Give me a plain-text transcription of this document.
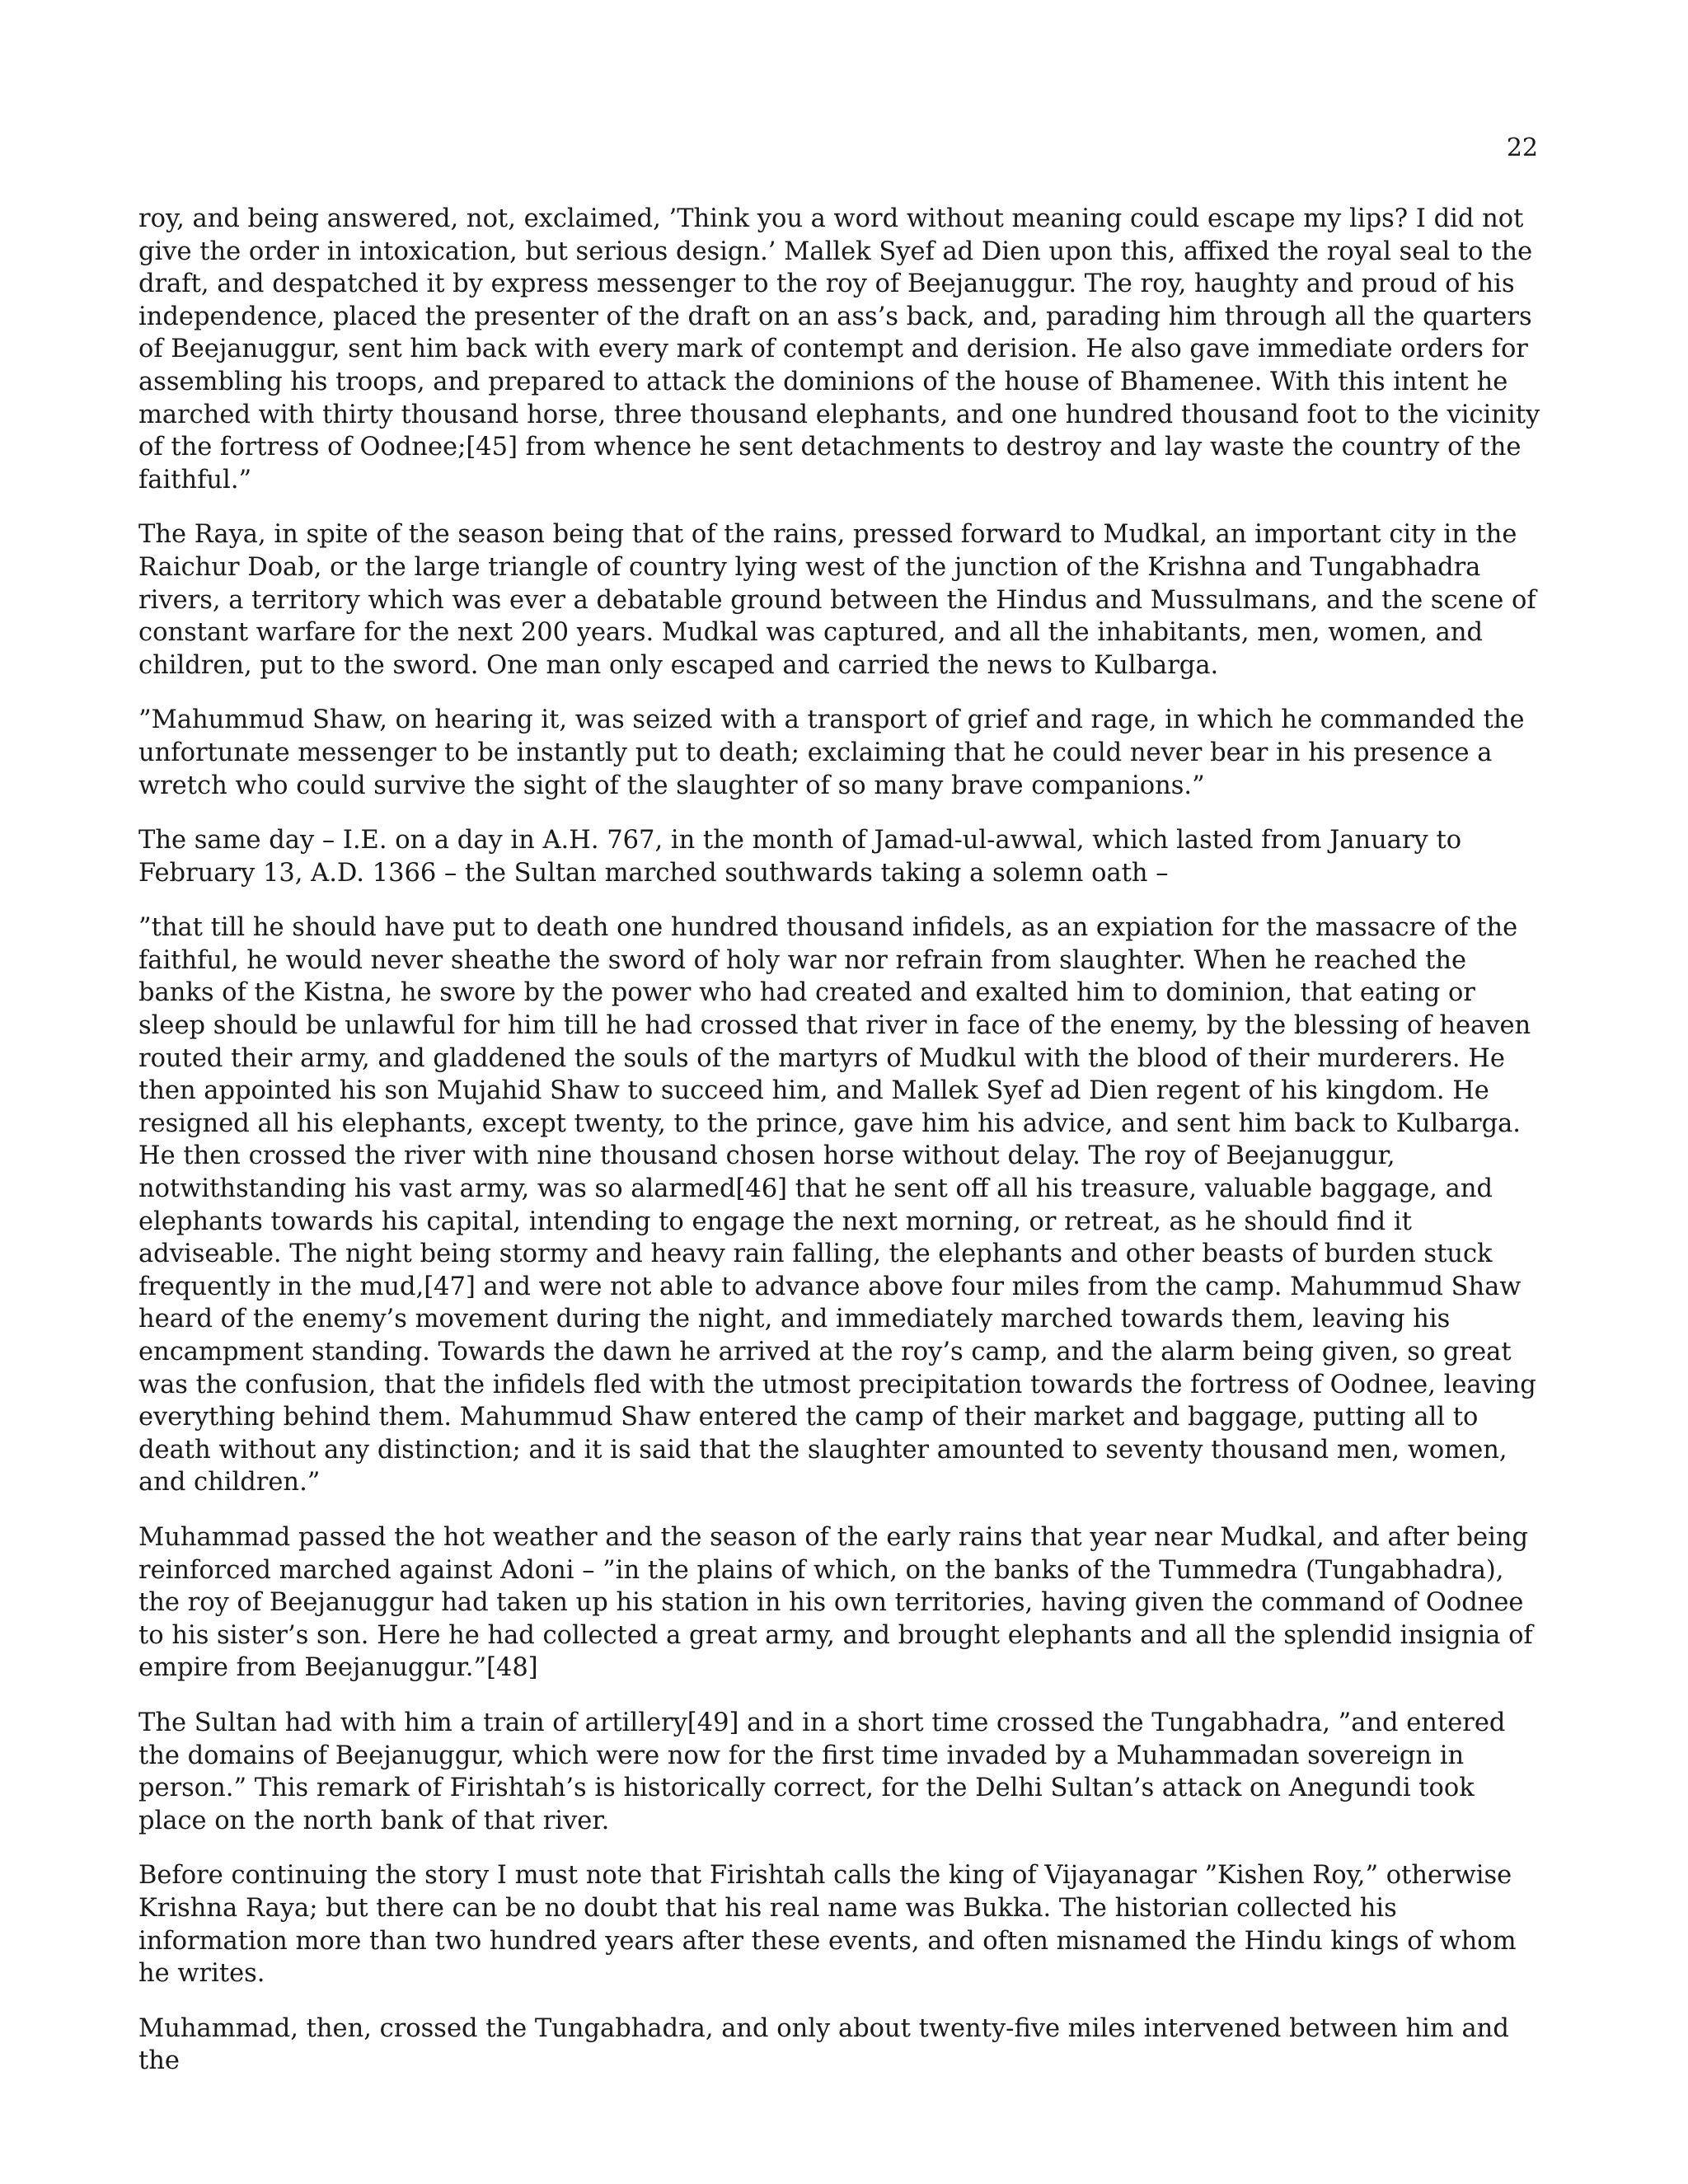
22

roy, and being answered, not, exclaimed, ’Think you a word without meaning could escape my lips? I did not give the order in intoxication, but serious design.’ Mallek Syef ad Dien upon this, affixed the royal seal to the draft, and despatched it by express messenger to the roy of Beejanuggur. The roy, haughty and proud of his independence, placed the presenter of the draft on an ass’s back, and, parading him through all the quarters of Beejanuggur, sent him back with every mark of contempt and derision. He also gave immediate orders for assembling his troops, and prepared to attack the dominions of the house of Bhamenee. With this intent he marched with thirty thousand horse, three thousand elephants, and one hundred thousand foot to the vicinity of the fortress of Oodnee;[45] from whence he sent detachments to destroy and lay waste the country of the faithful.”

The Raya, in spite of the season being that of the rains, pressed forward to Mudkal, an important city in the Raichur Doab, or the large triangle of country lying west of the junction of the Krishna and Tungabhadra rivers, a territory which was ever a debatable ground between the Hindus and Mussulmans, and the scene of constant warfare for the next 200 years. Mudkal was captured, and all the inhabitants, men, women, and children, put to the sword. One man only escaped and carried the news to Kulbarga.

”Mahummud Shaw, on hearing it, was seized with a transport of grief and rage, in which he commanded the unfortunate messenger to be instantly put to death; exclaiming that he could never bear in his presence a wretch who could survive the sight of the slaughter of so many brave companions.”

The same day – I.E. on a day in A.H. 767, in the month of Jamad-ul-awwal, which lasted from January to February 13, A.D. 1366 – the Sultan marched southwards taking a solemn oath –

”that till he should have put to death one hundred thousand infidels, as an expiation for the massacre of the faithful, he would never sheathe the sword of holy war nor refrain from slaughter. When he reached the banks of the Kistna, he swore by the power who had created and exalted him to dominion, that eating or sleep should be unlawful for him till he had crossed that river in face of the enemy, by the blessing of heaven routed their army, and gladdened the souls of the martyrs of Mudkul with the blood of their murderers. He then appointed his son Mujahid Shaw to succeed him, and Mallek Syef ad Dien regent of his kingdom. He resigned all his elephants, except twenty, to the prince, gave him his advice, and sent him back to Kulbarga. He then crossed the river with nine thousand chosen horse without delay. The roy of Beejanuggur, notwithstanding his vast army, was so alarmed[46] that he sent off all his treasure, valuable baggage, and elephants towards his capital, intending to engage the next morning, or retreat, as he should find it adviseable. The night being stormy and heavy rain falling, the elephants and other beasts of burden stuck frequently in the mud,[47] and were not able to advance above four miles from the camp. Mahummud Shaw heard of the enemy’s movement during the night, and immediately marched towards them, leaving his encampment standing. Towards the dawn he arrived at the roy’s camp, and the alarm being given, so great was the confusion, that the infidels fled with the utmost precipitation towards the fortress of Oodnee, leaving everything behind them. Mahummud Shaw entered the camp of their market and baggage, putting all to death without any distinction; and it is said that the slaughter amounted to seventy thousand men, women, and children.”

Muhammad passed the hot weather and the season of the early rains that year near Mudkal, and after being reinforced marched against Adoni – ”in the plains of which, on the banks of the Tummedra (Tungabhadra), the roy of Beejanuggur had taken up his station in his own territories, having given the command of Oodnee to his sister’s son. Here he had collected a great army, and brought elephants and all the splendid insignia of empire from Beejanuggur.”[48]

The Sultan had with him a train of artillery[49] and in a short time crossed the Tungabhadra, ”and entered the domains of Beejanuggur, which were now for the first time invaded by a Muhammadan sovereign in person.” This remark of Firishtah’s is historically correct, for the Delhi Sultan’s attack on Anegundi took place on the north bank of that river.

Before continuing the story I must note that Firishtah calls the king of Vijayanagar ”Kishen Roy,” otherwise Krishna Raya; but there can be no doubt that his real name was Bukka. The historian collected his information more than two hundred years after these events, and often misnamed the Hindu kings of whom he writes.

Muhammad, then, crossed the Tungabhadra, and only about twenty-five miles intervened between him and the
